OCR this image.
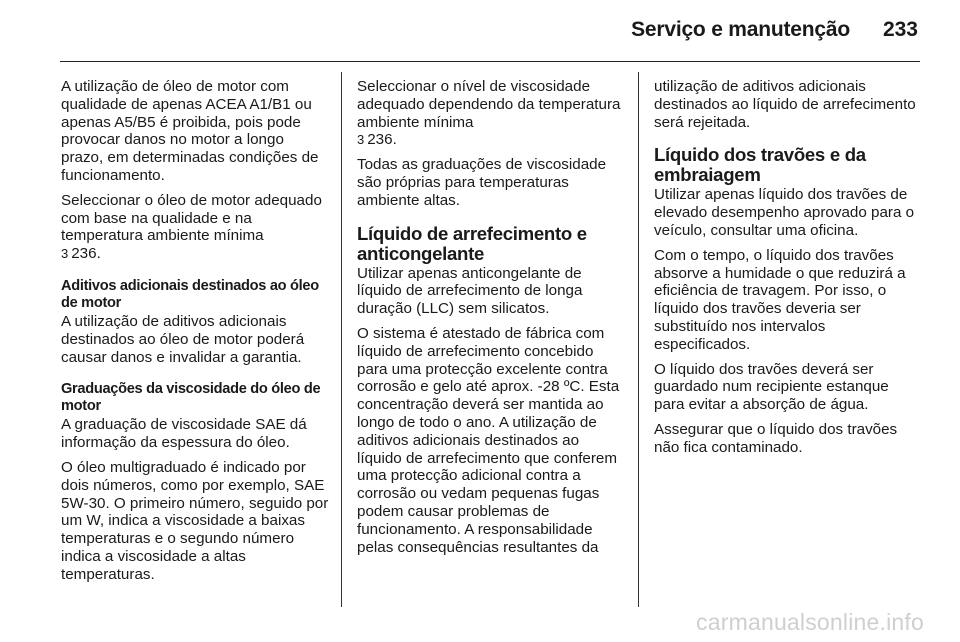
Serviço e manutenção 233

A utilização de óleo de motor com qualidade de apenas ACEA A1/B1 ou apenas A5/B5 é proibida, pois pode provocar danos no motor a longo prazo, em determinadas condições de funcionamento.

Seleccionar o óleo de motor adequado com base na qualidade e na temperatura ambiente mínima
3 236.

Aditivos adicionais destinados ao óleo de motor

A utilização de aditivos adicionais destinados ao óleo de motor poderá causar danos e invalidar a garantia.

Graduações da viscosidade do óleo de motor

A graduação de viscosidade SAE dá informação da espessura do óleo.

O óleo multigraduado é indicado por dois números, como por exemplo, SAE 5W-30. O primeiro número, seguido por um W, indica a viscosidade a baixas temperaturas e o segundo número indica a viscosidade a altas temperaturas.

Seleccionar o nível de viscosidade adequado dependendo da temperatura ambiente mínima
3 236.

Todas as graduações de viscosidade são próprias para temperaturas ambiente altas.

Líquido de arrefecimento e anticongelante

Utilizar apenas anticongelante de líquido de arrefecimento de longa duração (LLC) sem silicatos.

O sistema é atestado de fábrica com líquido de arrefecimento concebido para uma protecção excelente contra corrosão e gelo até aprox. -28 ºC. Esta concentração deverá ser mantida ao longo de todo o ano. A utilização de aditivos adicionais destinados ao líquido de arrefecimento que conferem uma protecção adicional contra a corrosão ou vedam pequenas fugas podem causar problemas de funcionamento. A responsabilidade pelas consequências resultantes da

utilização de aditivos adicionais destinados ao líquido de arrefecimento será rejeitada.

Líquido dos travões e da embraiagem

Utilizar apenas líquido dos travões de elevado desempenho aprovado para o veículo, consultar uma oficina.

Com o tempo, o líquido dos travões absorve a humidade o que reduzirá a eficiência de travagem. Por isso, o líquido dos travões deveria ser substituído nos intervalos especificados.

O líquido dos travões deverá ser guardado num recipiente estanque para evitar a absorção de água.

Assegurar que o líquido dos travões não fica contaminado.

carmanualsonline.info
